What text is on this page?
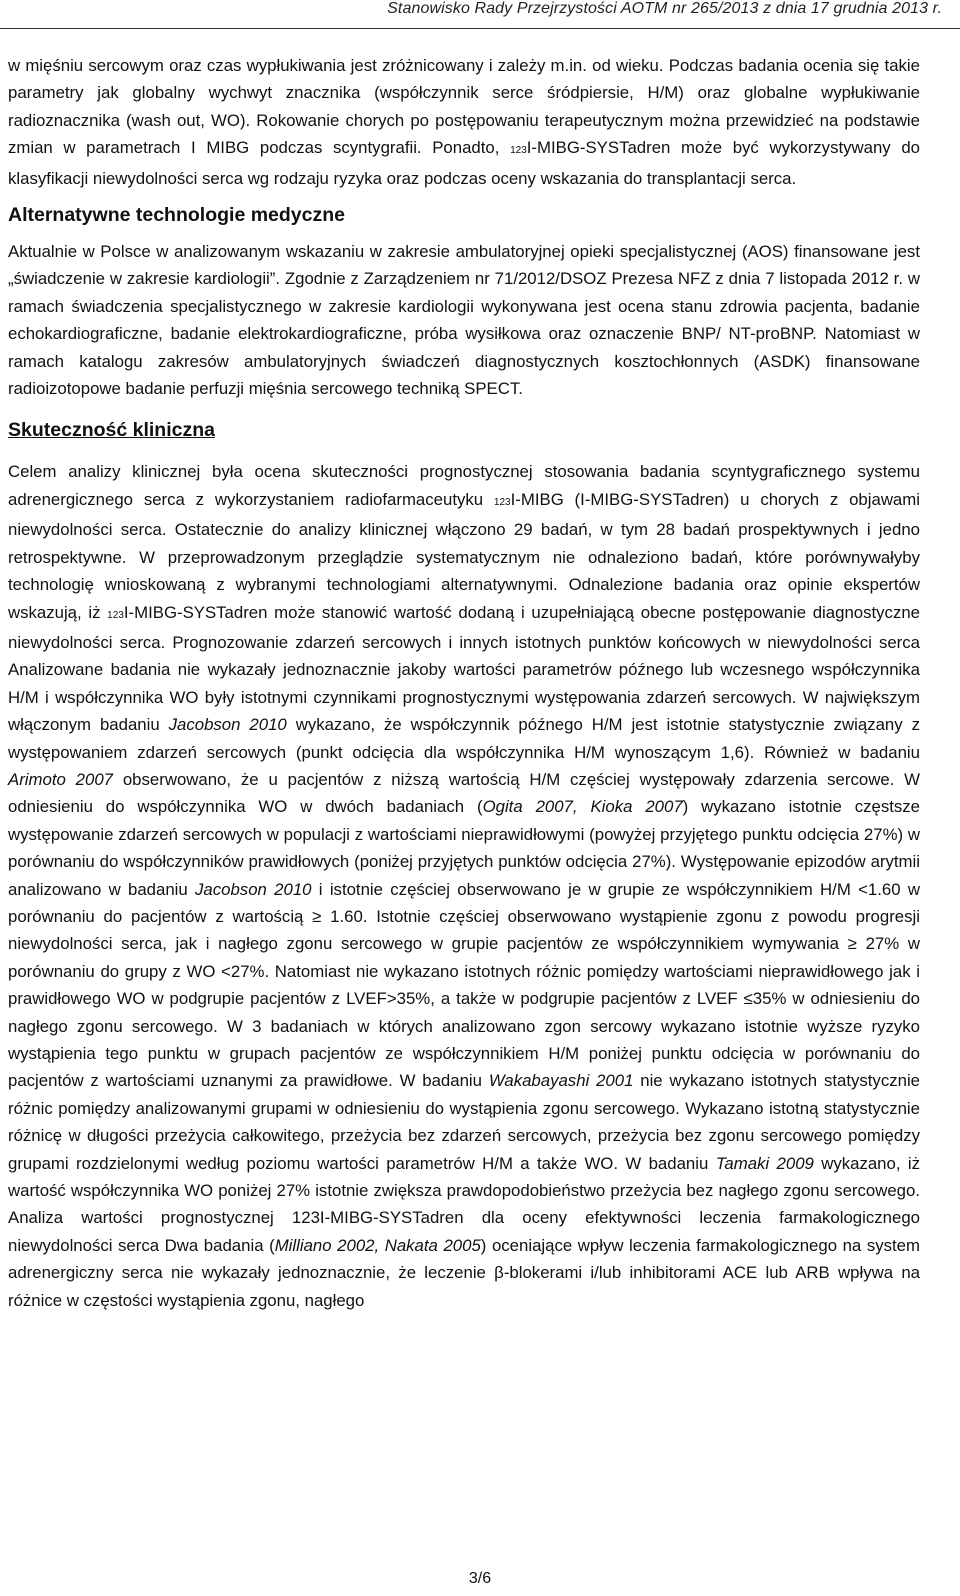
Stanowisko Rady Przejrzystości AOTM nr 265/2013 z dnia 17 grudnia 2013 r.

w mięśniu sercowym oraz czas wypłukiwania jest zróżnicowany i zależy m.in. od wieku. Podczas badania ocenia się takie parametry jak globalny wychwyt znacznika (współczynnik serce śródpiersie, H/M) oraz globalne wypłukiwanie radioznacznika (wash out, WO). Rokowanie chorych po postępowaniu terapeutycznym można przewidzieć na podstawie zmian w parametrach I MIBG podczas scyntygrafii. Ponadto, 123I-MIBG-SYSTadren może być wykorzystywany do klasyfikacji niewydolności serca wg rodzaju ryzyka oraz podczas oceny wskazania do transplantacji serca.

Alternatywne technologie medyczne

Aktualnie w Polsce w analizowanym wskazaniu w zakresie ambulatoryjnej opieki specjalistycznej (AOS) finansowane jest „świadczenie w zakresie kardiologii”. Zgodnie z Zarządzeniem nr 71/2012/DSOZ Prezesa NFZ z dnia 7 listopada 2012 r. w ramach świadczenia specjalistycznego w zakresie kardiologii wykonywana jest ocena stanu zdrowia pacjenta, badanie echokardiograficzne, badanie elektrokardiograficzne, próba wysiłkowa oraz oznaczenie BNP/ NT-proBNP. Natomiast w ramach katalogu zakresów ambulatoryjnych świadczeń diagnostycznych kosztochłonnych (ASDK) finansowane radioizotopowe badanie perfuzji mięśnia sercowego techniką SPECT.

Skuteczność kliniczna

Celem analizy klinicznej była ocena skuteczności prognostycznej stosowania badania scyntygraficznego systemu adrenergicznego serca z wykorzystaniem radiofarmaceutyku 123I-MIBG (I-MIBG-SYSTadren) u chorych z objawami niewydolności serca. Ostatecznie do analizy klinicznej włączono 29 badań, w tym 28 badań prospektywnych i jedno retrospektywne. W przeprowadzonym przeglądzie systematycznym nie odnaleziono badań, które porównywałyby technologię wnioskowaną z wybranymi technologiami alternatywnymi. Odnalezione badania oraz opinie ekspertów wskazują, iż 123I-MIBG-SYSTadren może stanowić wartość dodaną i uzupełniającą obecne postępowanie diagnostyczne niewydolności serca. Prognozowanie zdarzeń sercowych i innych istotnych punktów końcowych w niewydolności serca Analizowane badania nie wykazały jednoznacznie jakoby wartości parametrów późnego lub wczesnego współczynnika H/M i współczynnika WO były istotnymi czynnikami prognostycznymi występowania zdarzeń sercowych. W największym włączonym badaniu Jacobson 2010 wykazano, że współczynnik późnego H/M jest istotnie statystycznie związany z występowaniem zdarzeń sercowych (punkt odcięcia dla współczynnika H/M wynoszącym 1,6). Również w badaniu Arimoto 2007 obserwowano, że u pacjentów z niższą wartością H/M częściej występowały zdarzenia sercowe. W odniesieniu do współczynnika WO w dwóch badaniach (Ogita 2007, Kioka 2007) wykazano istotnie częstsze występowanie zdarzeń sercowych w populacji z wartościami nieprawidłowymi (powyżej przyjętego punktu odcięcia 27%) w porównaniu do współczynników prawidłowych (poniżej przyjętych punktów odcięcia 27%). Występowanie epizodów arytmii analizowano w badaniu Jacobson 2010 i istotnie częściej obserwowano je w grupie ze współczynnikiem H/M <1.60 w porównaniu do pacjentów z wartością ≥ 1.60. Istotnie częściej obserwowano wystąpienie zgonu z powodu progresji niewydolności serca, jak i nagłego zgonu sercowego w grupie pacjentów ze współczynnikiem wymywania ≥ 27% w porównaniu do grupy z WO <27%. Natomiast nie wykazano istotnych różnic pomiędzy wartościami nieprawidłowego jak i prawidłowego WO w podgrupie pacjentów z LVEF>35%, a także w podgrupie pacjentów z LVEF ≤35% w odniesieniu do nagłego zgonu sercowego. W 3 badaniach w których analizowano zgon sercowy wykazano istotnie wyższe ryzyko wystąpienia tego punktu w grupach pacjentów ze współczynnikiem H/M poniżej punktu odcięcia w porównaniu do pacjentów z wartościami uznanymi za prawidłowe. W badaniu Wakabayashi 2001 nie wykazano istotnych statystycznie różnic pomiędzy analizowanymi grupami w odniesieniu do wystąpienia zgonu sercowego. Wykazano istotną statystycznie różnicę w długości przeżycia całkowitego, przeżycia bez zdarzeń sercowych, przeżycia bez zgonu sercowego pomiędzy grupami rozdzielonymi według poziomu wartości parametrów H/M a także WO. W badaniu Tamaki 2009 wykazano, iż wartość współczynnika WO poniżej 27% istotnie zwiększa prawdopodobieństwo przeżycia bez nagłego zgonu sercowego. Analiza wartości prognostycznej 123I-MIBG-SYSTadren dla oceny efektywności leczenia farmakologicznego niewydolności serca Dwa badania (Milliano 2002, Nakata 2005) oceniające wpływ leczenia farmakologicznego na system adrenergiczny serca nie wykazały jednoznacznie, że leczenie β-blokerami i/lub inhibitorami ACE lub ARB wpływa na różnice w częstości wystąpienia zgonu, nagłego

3/6
